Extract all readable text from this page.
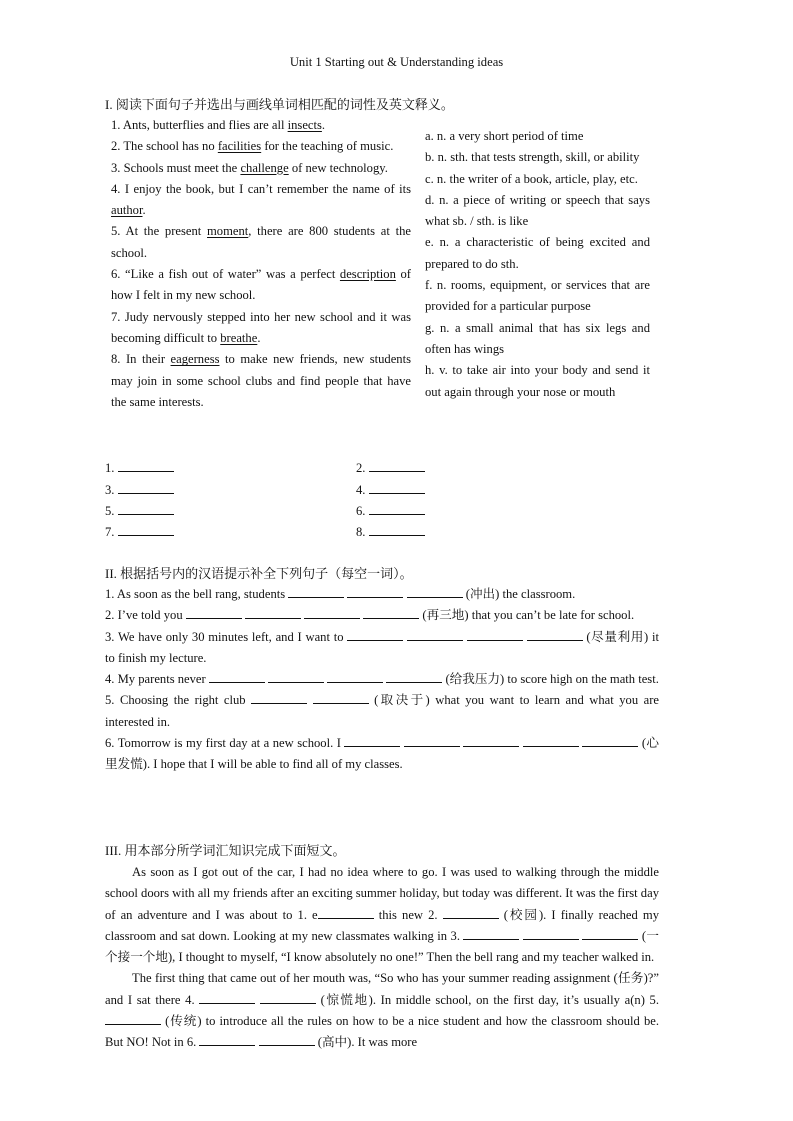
Unit 1 Starting out & Understanding ideas
I. 阅读下面句子并选出与画线单词相匹配的词性及英文释义。

1. Ants, butterflies and flies are all insects.

2. The school has no facilities for the teaching of music.

3. Schools must meet the challenge of new technology.

4. I enjoy the book, but I can’t remember the name of its author.

5. At the present moment, there are 800 students at the school.

6. “Like a fish out of water” was a perfect description of how I felt in my new school.

7. Judy nervously stepped into her new school and it was becoming difficult to breathe.

8. In their eagerness to make new friends, new students may join in some school clubs and find people that have the same interests.

a. n. a very short period of time

b. n. sth. that tests strength, skill, or ability

c. n. the writer of a book, article, play, etc.

d. n. a piece of writing or speech that says what sb. / sth. is like

e. n. a characteristic of being excited and prepared to do sth.

f. n. rooms, equipment, or services that are provided for a particular purpose

g. n. a small animal that has six legs and often has wings

h. v. to take air into your body and send it out again through your nose or mouth

1.	2.
3.	4.
5.	6.
7.	8.
II. 根据括号内的汉语提示补全下列句子（每空一词）。

1. As soon as the bell rang, students	(冲出) the classroom.

2. I’ve told you	(再三地) that you can’t be late for school.

3. We have only 30 minutes left, and I want to	(尽量利用) it to finish my lecture.

4. My parents never	(给我压力) to score high on the math test.

5. Choosing the right club	(取决于) what you want to learn and what you are interested in.

6. Tomorrow is my first day at a new school. I	(心里发慌). I hope that I will be able to find all of my classes.

III. 用本部分所学词汇知识完成下面短文。

As soon as I got out of the car, I had no idea where to go. I was used to walking through the middle school doors with all my friends after an exciting summer holiday, but today was different. It was the first day of an adventure and I was about to 1. e	this new 2.	(校园). I finally reached my classroom and sat down. Looking at my new classmates walking in 3.	(一个接一个地), I thought to myself, “I know absolutely no one!” Then the bell rang and my teacher walked in.

The first thing that came out of her mouth was, “So who has your summer reading assignment (任务)?” and I sat there 4.	(惊慌地). In middle school, on the first day, it’s usually a(n) 5.  (传统) to introduce all the rules on how to be a nice student and how the classroom should be. But NO! Not in 6.	(高中). It was more
